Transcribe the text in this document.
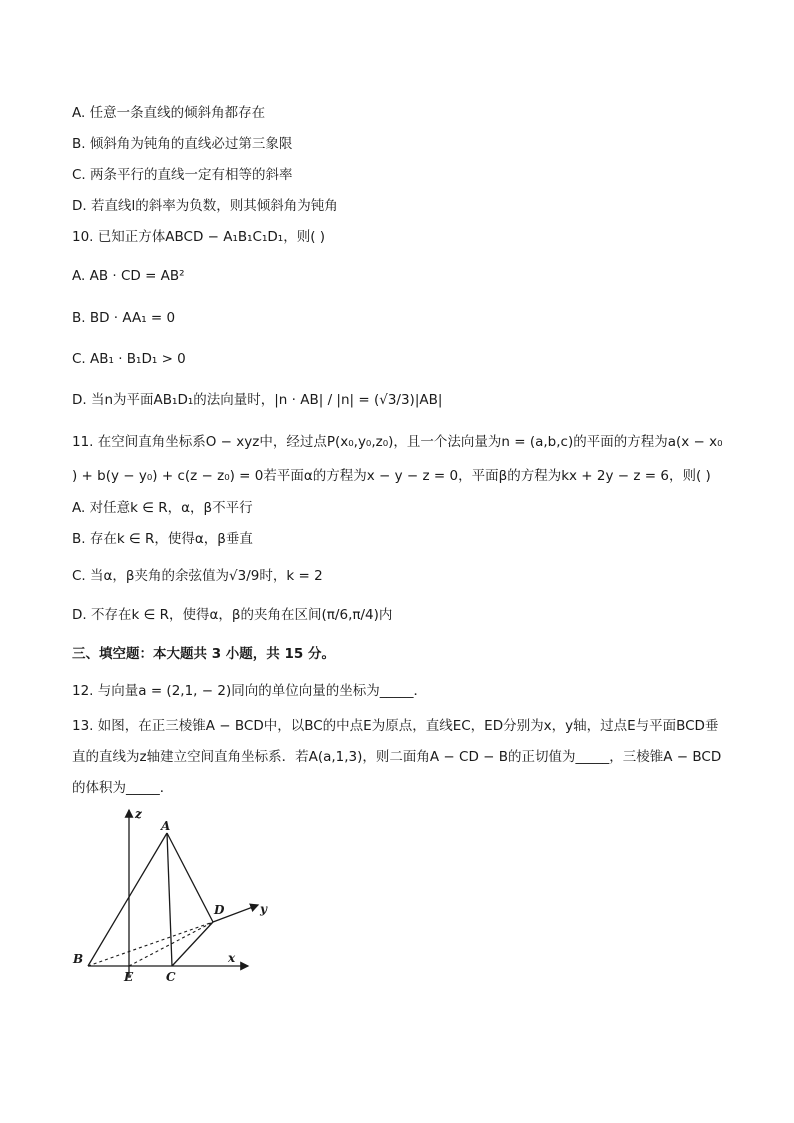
A. 任意一条直线的倾斜角都存在
B. 倾斜角为钝角的直线必过第三象限
C. 两条平行的直线一定有相等的斜率
D. 若直线l的斜率为负数，则其倾斜角为钝角
10. 已知正方体ABCD − A₁B₁C₁D₁，则( )
A. AB · CD = AB²
B. BD · AA₁ = 0
C. AB₁ · B₁D₁ > 0
D. 当n为平面AB₁D₁的法向量时，|n · AB| / |n| = (√3/3)|AB|
11. 在空间直角坐标系O − xyz中，经过点P(x₀,y₀,z₀)，且一个法向量为n = (a,b,c)的平面的方程为a(x − x₀
) + b(y − y₀) + c(z − z₀) = 0若平面α的方程为x − y − z = 0，平面β的方程为kx + 2y − z = 6，则( )
A. 对任意k ∈ R，α，β不平行
B. 存在k ∈ R，使得α，β垂直
C. 当α，β夹角的余弦值为√3/9时，k = 2
D. 不存在k ∈ R，使得α，β的夹角在区间(π/6,π/4)内
三、填空题：本大题共 3 小题，共 15 分。
12. 与向量a = (2,1, − 2)同向的单位向量的坐标为_____．
13. 如图，在正三棱锥A − BCD中，以BC的中点E为原点，直线EC，ED分别为x，y轴，过点E与平面BCD垂
直的直线为z轴建立空间直角坐标系．若A(a,1,3)，则二面角A − CD − B的正切值为_____，三棱锥A − BCD
的体积为_____．
z
A
D	y
B
E	C
x
